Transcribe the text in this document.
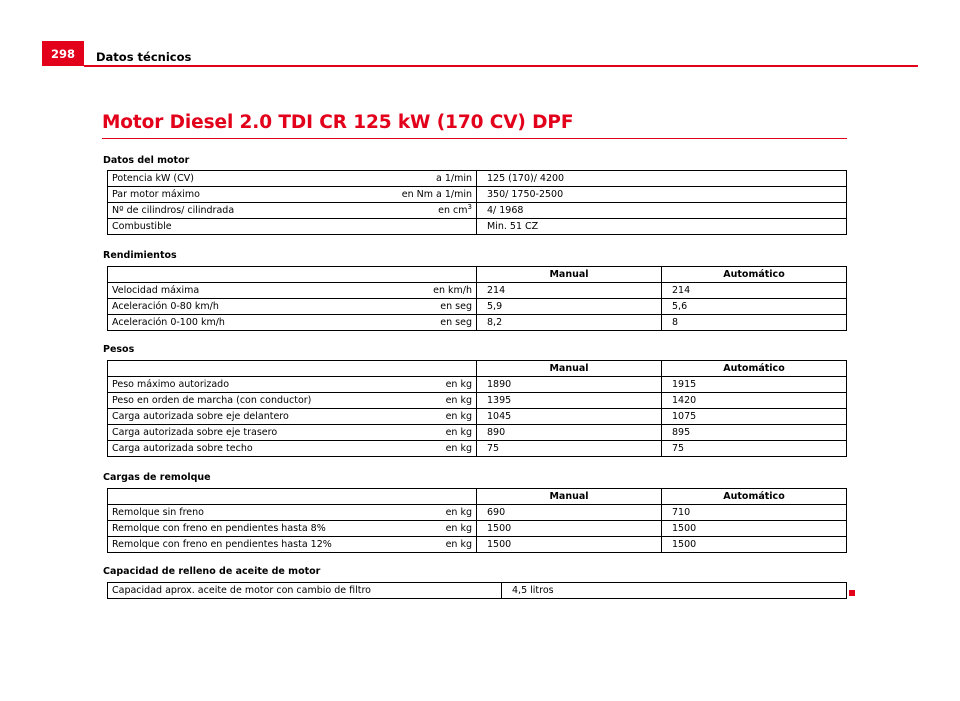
298	Datos técnicos
Motor Diesel 2.0 TDI CR 125 kW (170 CV) DPF
Datos del motor
Potencia kW (CV)	a 1/min	125 (170)/ 4200
Par motor máximo	en Nm a 1/min	350/ 1750-2500
Nº de cilindros/ cilindrada	en $cm^3$	4/ 1968
Combustible		Min. 51 CZ
Rendimientos
		Manual	Automático
Velocidad máxima	en km/h	214	214
Aceleración 0-80 km/h	en seg	5,9	5,6
Aceleración 0-100 km/h	en seg	8,2	8
Pesos
		Manual	Automático
Peso máximo autorizado	en kg	1890	1915
Peso en orden de marcha (con conductor)	en kg	1395	1420
Carga autorizada sobre eje delantero	en kg	1045	1075
Carga autorizada sobre eje trasero	en kg	890	895
Carga autorizada sobre techo	en kg	75	75
Cargas de remolque
		Manual	Automático
Remolque sin freno	en kg	690	710
Remolque con freno en pendientes hasta 8%	en kg	1500	1500
Remolque con freno en pendientes hasta 12%	en kg	1500	1500
Capacidad de relleno de aceite de motor
Capacidad aprox. aceite de motor con cambio de filtro	4,5 litros
